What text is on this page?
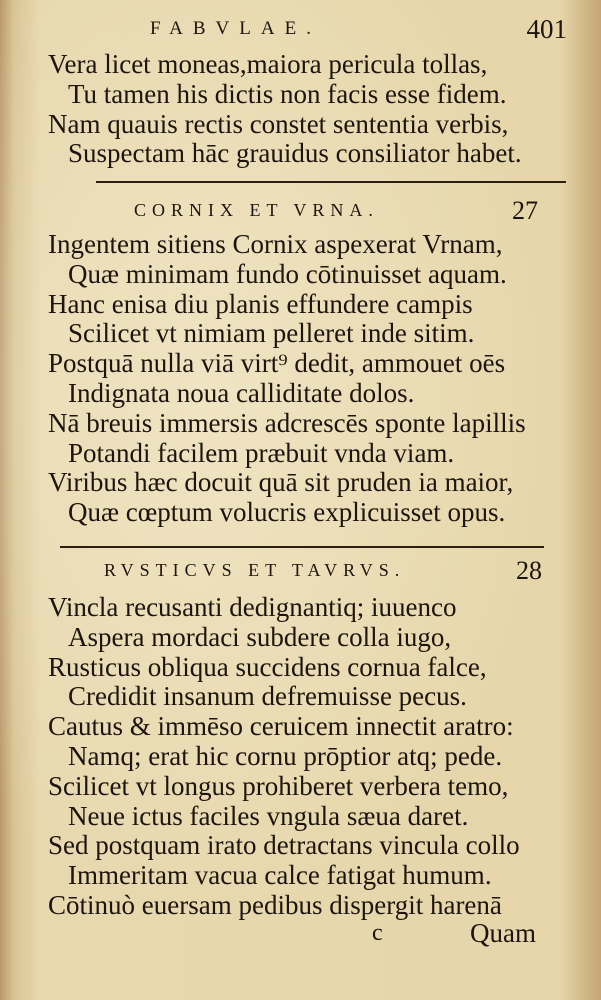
FABVLAE.	401
Vera licet moneas,maiora pericula tollas,
Tu tamen his dictis non facis esse fidem.
Nam quauis rectis constet sententia verbis,
Suspectam hāc grauidus consiliator habet.
CORNIX ET VRNA.	27
Ingentem sitiens Cornix aspexerat Vrnam,
Quæ minimam fundo cōtinuisset aquam.
Hanc enisa diu planis effundere campis
Scilicet vt nimiam pelleret inde sitim.
Postquā nulla viā virt⁹ dedit, ammouet oēs
Indignata noua calliditate dolos.
Nā breuis immersis adcrescēs sponte lapillis
Potandi facilem præbuit vnda viam.
Viribus hæc docuit quā sit pruden ia maior,
Quæ cœptum volucris explicuisset opus.
RVSTICVS ET TAVRVS.	28
Vincla recusanti dedignantiq; iuuenco
Aspera mordaci subdere colla iugo,
Rusticus obliqua succidens cornua falce,
Credidit insanum defremuisse pecus.
Cautus & immēso ceruicem innectit aratro:
Namq; erat hic cornu prōptior atq; pede.
Scilicet vt longus prohiberet verbera temo,
Neue ictus faciles vngula sæua daret.
Sed postquam irato detractans vincula collo
Immeritam vacua calce fatigat humum.
Cōtinuò euersam pedibus dispergit harenā
c	Quam
